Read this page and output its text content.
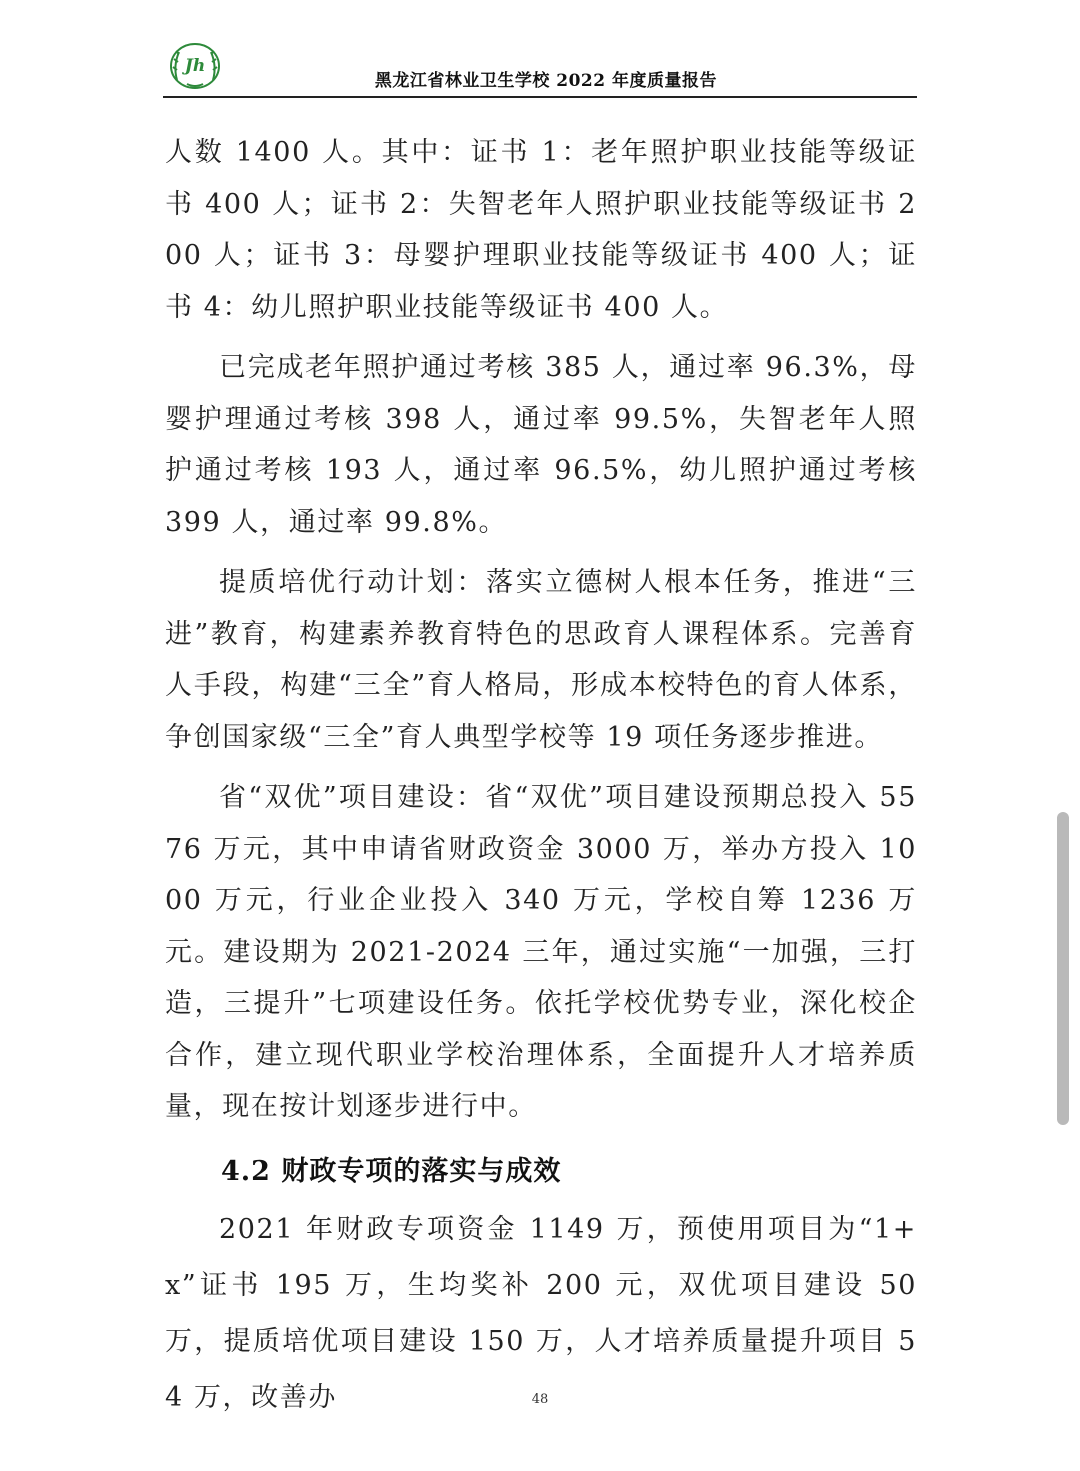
Jh
黑龙江省林业卫生学校 2022 年度质量报告

人数 1400 人。其中：证书 1：老年照护职业技能等级证书 400 人；证书 2：失智老年人照护职业技能等级证书 200 人；证书 3：母婴护理职业技能等级证书 400 人；证书 4：幼儿照护职业技能等级证书 400 人。

已完成老年照护通过考核 385 人，通过率 96.3%，母婴护理通过考核 398 人，通过率 99.5%，失智老年人照护通过考核 193 人，通过率 96.5%，幼儿照护通过考核 399 人，通过率 99.8%。

提质培优行动计划：落实立德树人根本任务，推进“三进”教育，构建素养教育特色的思政育人课程体系。完善育人手段，构建“三全”育人格局，形成本校特色的育人体系，争创国家级“三全”育人典型学校等 19 项任务逐步推进。

省“双优”项目建设：省“双优”项目建设预期总投入 5576 万元，其中申请省财政资金 3000 万，举办方投入 1000 万元，行业企业投入 340 万元，学校自筹 1236 万元。建设期为 2021-2024 三年，通过实施“一加强，三打造，三提升”七项建设任务。依托学校优势专业，深化校企合作，建立现代职业学校治理体系，全面提升人才培养质量，现在按计划逐步进行中。

4.2 财政专项的落实与成效

2021 年财政专项资金 1149 万，预使用项目为“1+x”证书 195 万，生均奖补 200 元，双优项目建设 50 万，提质培优项目建设 150 万，人才培养质量提升项目 54 万，改善办	48
